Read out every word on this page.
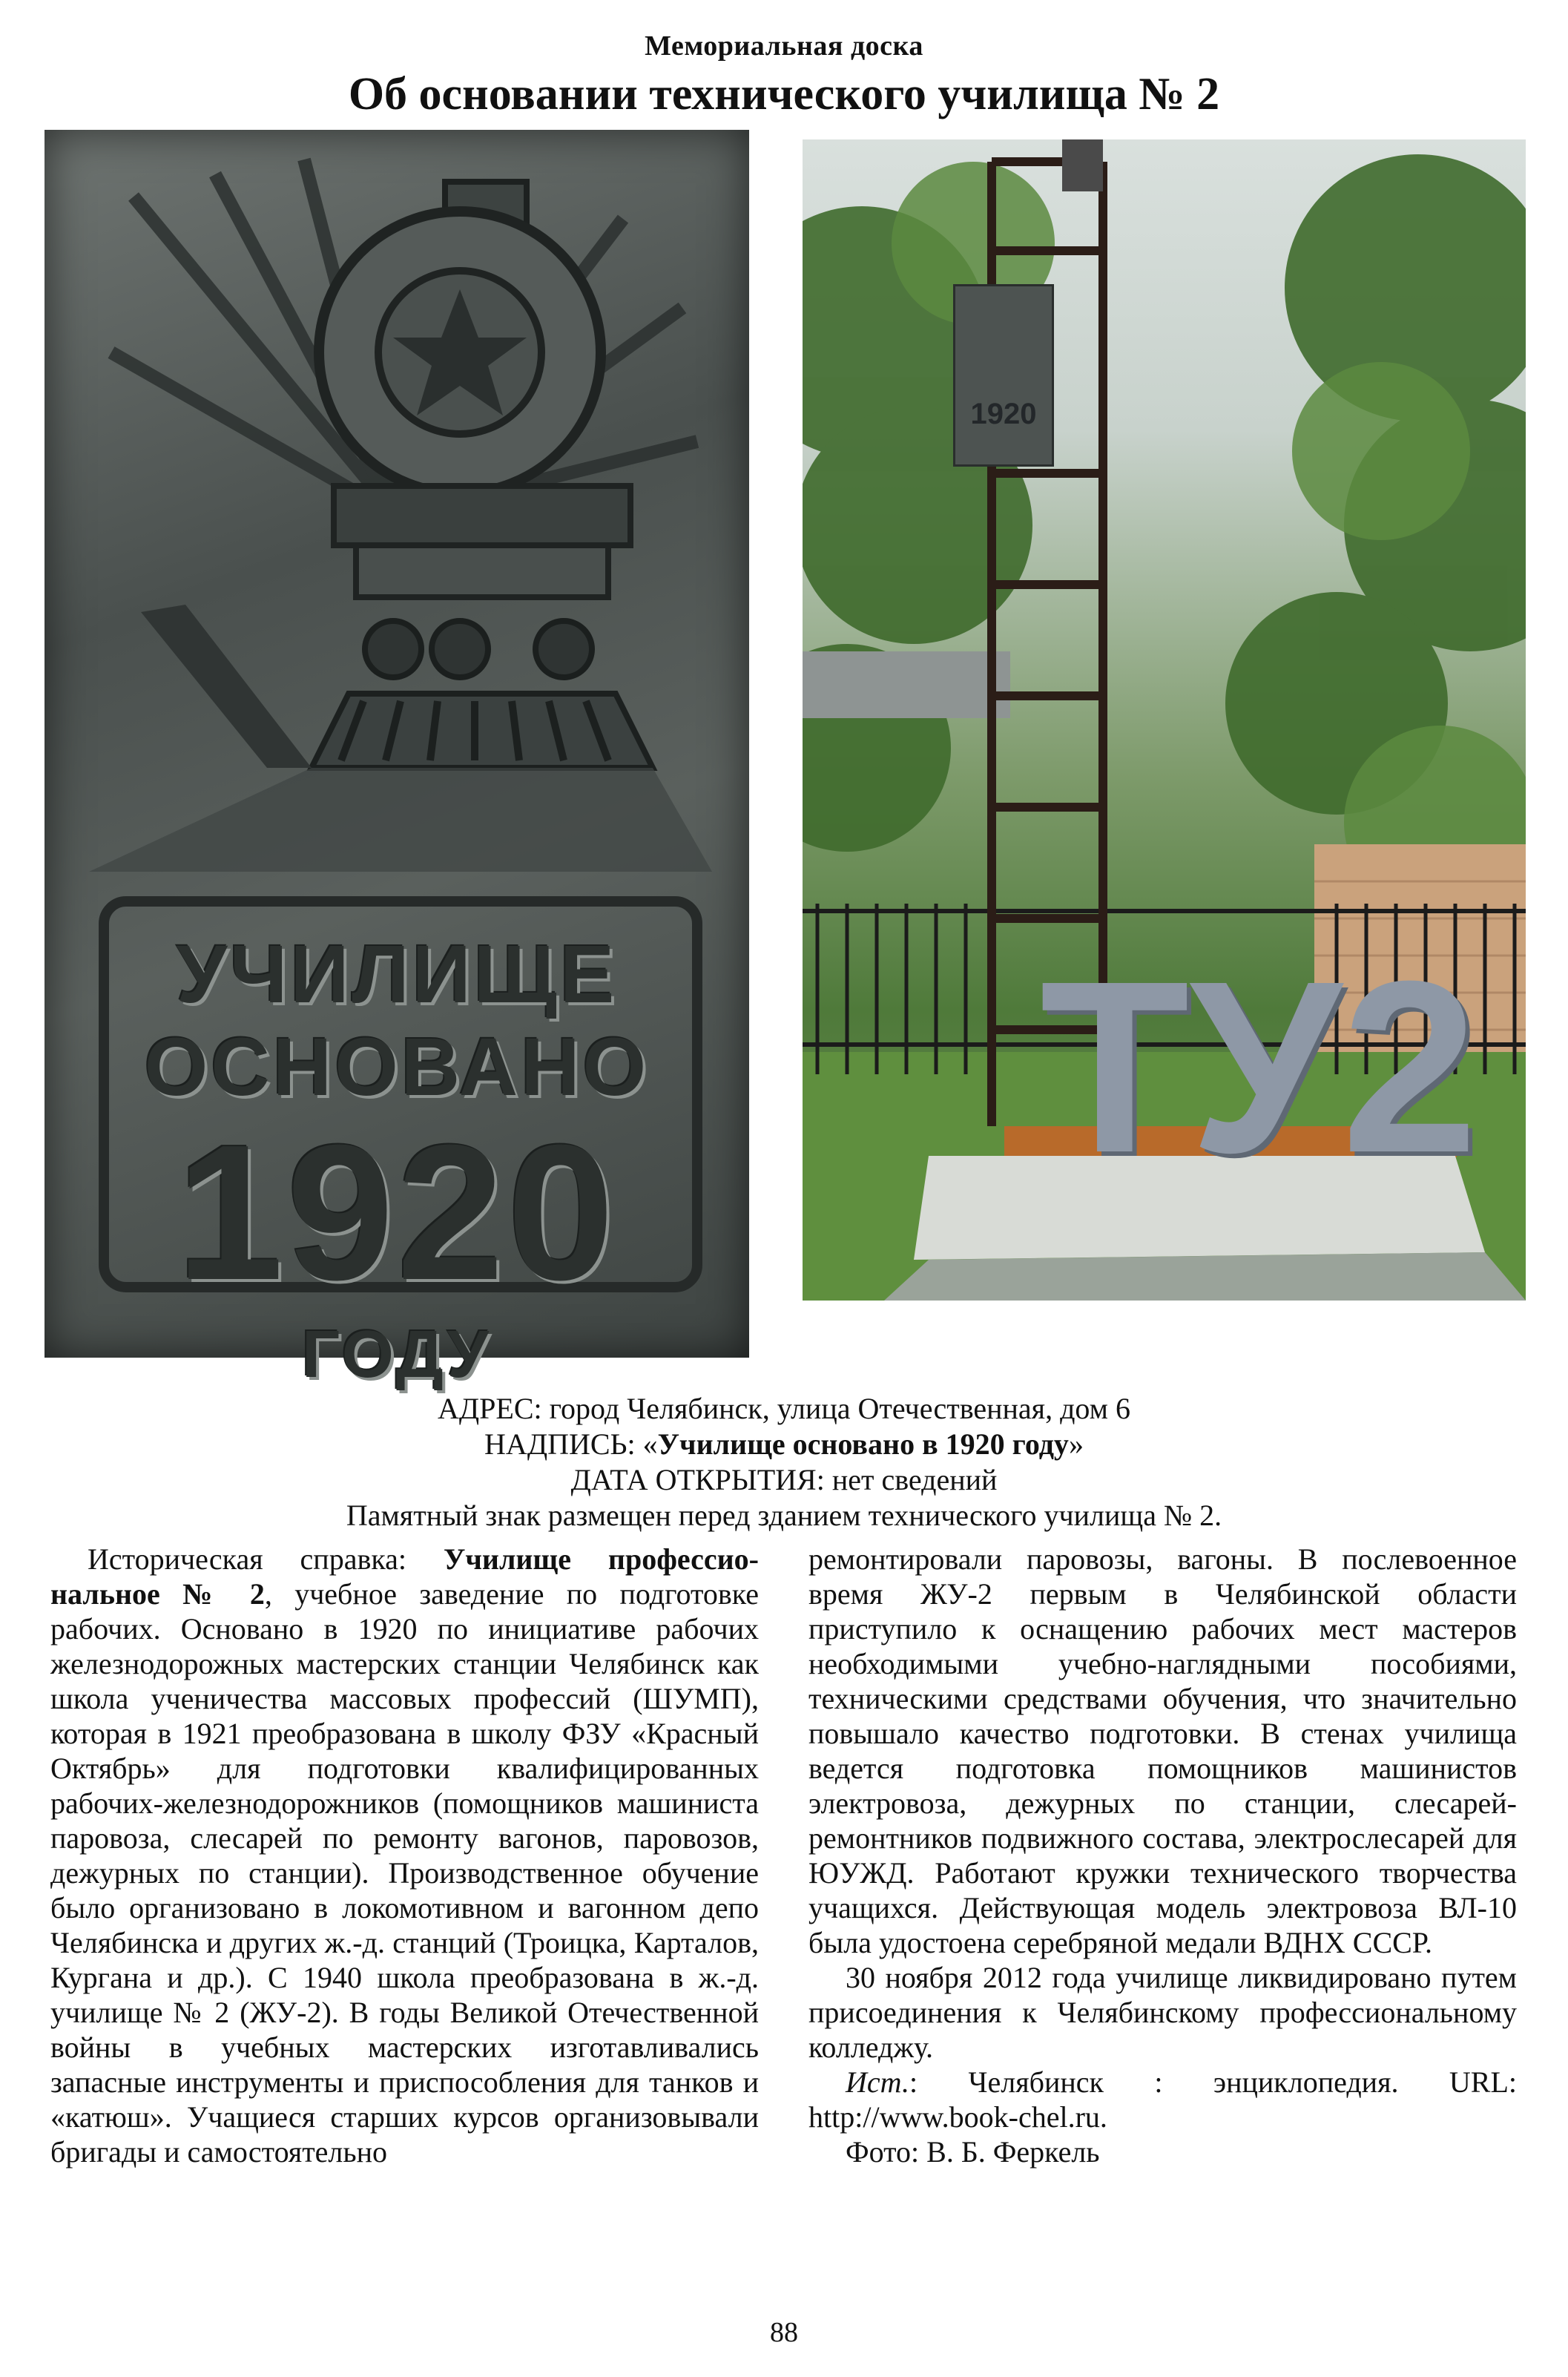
Мемориальная доска
Об основании технического училища № 2
УЧИЛИЩЕ
ОСНОВАНО
1920
ГОДУ
1920
ТУ2
АДРЕС: город Челябинск, улица Отечественная, дом 6
НАДПИСЬ: «Училище основано в 1920 году»
ДАТА ОТКРЫТИЯ: нет сведений
Памятный знак размещен перед зданием технического училища № 2.

Историческая справка: Училище профессио-нальное № 2, учебное заведение по подготовке рабочих. Основано в 1920 по инициативе рабочих железнодорожных мастерских станции Челябинск как школа ученичества массовых профессий (ШУМП), которая в 1921 преобразована в школу ФЗУ «Красный Октябрь» для подготовки квалифицированных рабочих-железнодорожников (помощников машиниста паровоза, слесарей по ремонту вагонов, паровозов, дежурных по станции). Производственное обучение было организовано в локомотивном и вагонном депо Челябинска и других ж.-д. станций (Троицка, Карталов, Кургана и др.). С 1940 школа преобразована в ж.-д. училище № 2 (ЖУ-2). В годы Великой Отечественной войны в учебных мастерских изготавливались запасные инструменты и приспособления для танков и «катюш». Учащиеся старших курсов организовывали бригады и самостоятельно

ремонтировали паровозы, вагоны. В послевоенное время ЖУ-2 первым в Челябинской области приступило к оснащению рабочих мест мастеров необходимыми учебно-наглядными пособиями, техническими средствами обучения, что значительно повышало качество подготовки. В стенах училища ведется подготовка помощников машинистов электровоза, дежурных по станции, слесарей-ремонтников подвижного состава, электрослесарей для ЮУЖД. Работают кружки технического творчества учащихся. Действующая модель электровоза ВЛ-10 была удостоена серебряной медали ВДНХ СССР.

30 ноября 2012 года училище ликвидировано путем присоединения к Челябинскому профессиональному колледжу.

Ист.: Челябинск : энциклопедия. URL: http://www.book-chel.ru.

Фото: В. Б. Феркель

88
